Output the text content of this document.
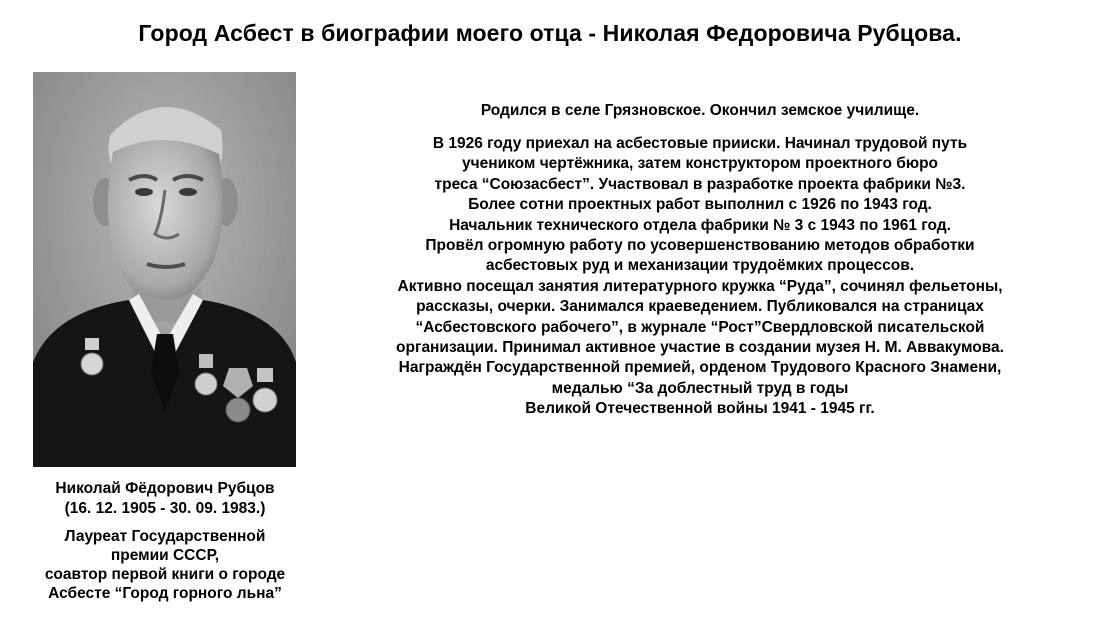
Город Асбест в биографии моего отца - Николая Федоровича Рубцова.
Николай Фёдорович Рубцов
(16. 12. 1905 - 30. 09. 1983.)
Лауреат Государственной
премии СССР,
соавтор первой книги о городе
Асбесте “Город горного льна”
Родился в селе Грязновское. Окончил земское училище.
В 1926 году приехал на асбестовые прииски. Начинал трудовой путь
учеником чертёжника, затем конструктором проектного бюро
треса “Союзасбест”. Участвовал в разработке проекта фабрики №3.
Более сотни проектных работ выполнил с 1926 по 1943 год.
Начальник технического отдела фабрики № 3 с 1943 по 1961 год.
Провёл огромную работу по усовершенствованию методов обработки
асбестовых руд и механизации трудоёмких процессов.
Активно посещал занятия литературного кружка “Руда”, сочинял фельетоны,
рассказы, очерки. Занимался краеведением. Публиковался на страницах
“Асбестовского рабочего”, в журнале “Рост”Свердловской писательской
организации. Принимал активное участие в создании музея Н. М. Аввакумова.
Награждён Государственной премией, орденом Трудового Красного Знамени,
медалью “За доблестный труд в годы
Великой Отечественной войны 1941 - 1945 гг.
